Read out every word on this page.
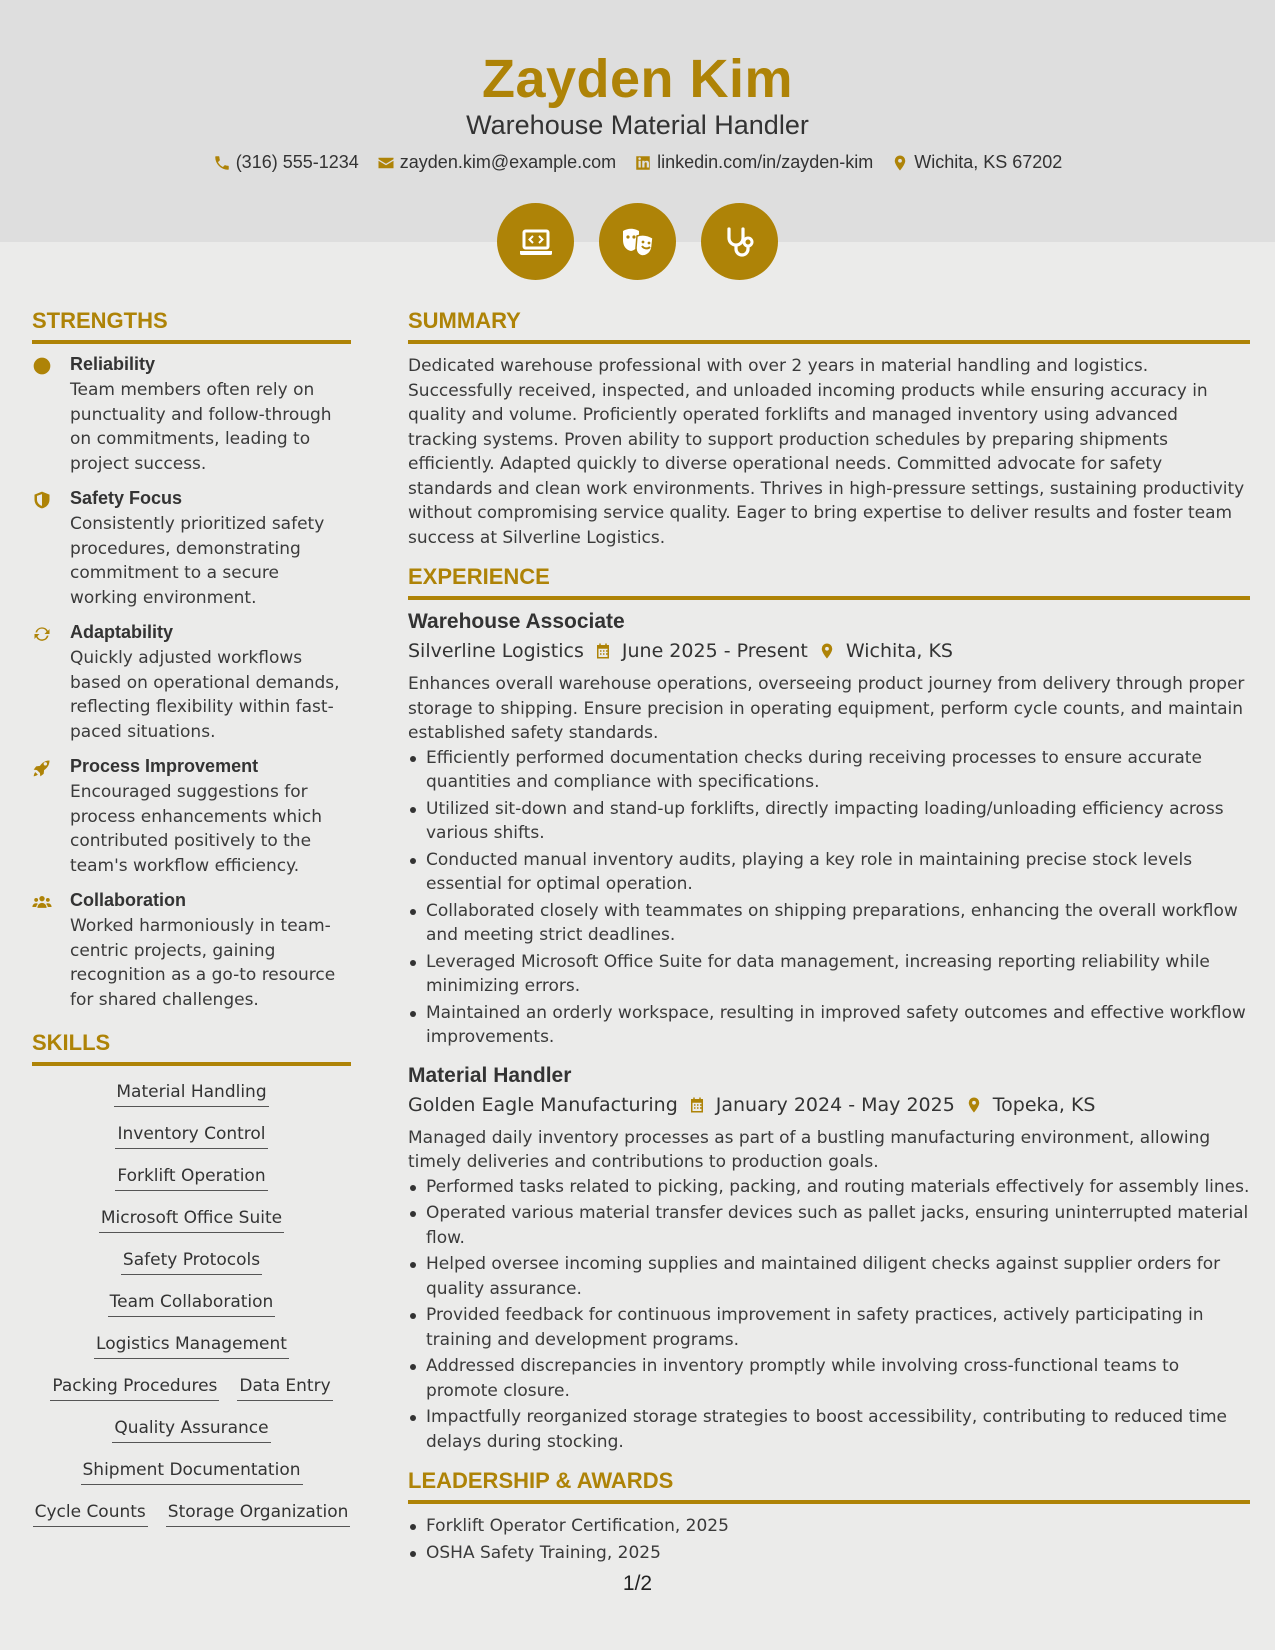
Zayden Kim
Warehouse Material Handler
(316) 555-1234 zayden.kim@example.com linkedin.com/in/zayden-kim Wichita, KS 67202
STRENGTHS
Reliability
Team members often rely on punctuality and follow-through on commitments, leading to project success.
Safety Focus
Consistently prioritized safety procedures, demonstrating commitment to a secure working environment.
Adaptability
Quickly adjusted workflows based on operational demands, reflecting flexibility within fast-paced situations.
Process Improvement
Encouraged suggestions for process enhancements which contributed positively to the team's workflow efficiency.
Collaboration
Worked harmoniously in team-centric projects, gaining recognition as a go-to resource for shared challenges.
SKILLS
Material Handling
Inventory Control
Forklift Operation
Microsoft Office Suite
Safety Protocols
Team Collaboration
Logistics Management
Packing Procedures Data Entry
Quality Assurance
Shipment Documentation
Cycle Counts Storage Organization
SUMMARY
Dedicated warehouse professional with over 2 years in material handling and logistics. Successfully received, inspected, and unloaded incoming products while ensuring accuracy in quality and volume. Proficiently operated forklifts and managed inventory using advanced tracking systems. Proven ability to support production schedules by preparing shipments efficiently. Adapted quickly to diverse operational needs. Committed advocate for safety standards and clean work environments. Thrives in high-pressure settings, sustaining productivity without compromising service quality. Eager to bring expertise to deliver results and foster team success at Silverline Logistics.
EXPERIENCE
Warehouse Associate
Silverline Logistics June 2025 - Present Wichita, KS
Enhances overall warehouse operations, overseeing product journey from delivery through proper storage to shipping. Ensure precision in operating equipment, perform cycle counts, and maintain established safety standards.
Efficiently performed documentation checks during receiving processes to ensure accurate quantities and compliance with specifications.
Utilized sit-down and stand-up forklifts, directly impacting loading/unloading efficiency across various shifts.
Conducted manual inventory audits, playing a key role in maintaining precise stock levels essential for optimal operation.
Collaborated closely with teammates on shipping preparations, enhancing the overall workflow and meeting strict deadlines.
Leveraged Microsoft Office Suite for data management, increasing reporting reliability while minimizing errors.
Maintained an orderly workspace, resulting in improved safety outcomes and effective workflow improvements.
Material Handler
Golden Eagle Manufacturing January 2024 - May 2025 Topeka, KS
Managed daily inventory processes as part of a bustling manufacturing environment, allowing timely deliveries and contributions to production goals.
Performed tasks related to picking, packing, and routing materials effectively for assembly lines.
Operated various material transfer devices such as pallet jacks, ensuring uninterrupted material flow.
Helped oversee incoming supplies and maintained diligent checks against supplier orders for quality assurance.
Provided feedback for continuous improvement in safety practices, actively participating in training and development programs.
Addressed discrepancies in inventory promptly while involving cross-functional teams to promote closure.
Impactfully reorganized storage strategies to boost accessibility, contributing to reduced time delays during stocking.
LEADERSHIP & AWARDS
Forklift Operator Certification, 2025
OSHA Safety Training, 2025
1/2
